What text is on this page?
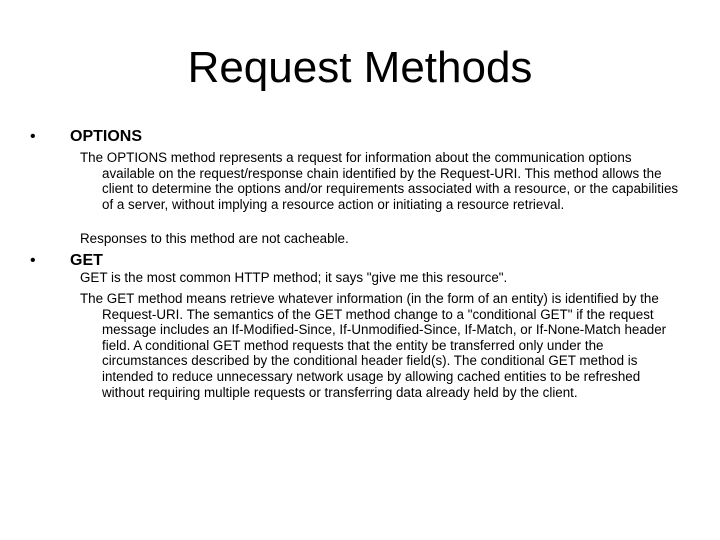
Request Methods
• OPTIONS

The OPTIONS method represents a request for information about the communication options available on the request/response chain identified by the Request-URI. This method allows the client to determine the options and/or requirements associated with a resource, or the capabilities of a server, without implying a resource action or initiating a resource retrieval.

Responses to this method are not cacheable.

• GET

GET is the most common HTTP method; it says "give me this resource".

The GET method means retrieve whatever information (in the form of an entity) is identified by the Request-URI. The semantics of the GET method change to a "conditional GET" if the request message includes an If-Modified-Since, If-Unmodified-Since, If-Match, or If-None-Match header field. A conditional GET method requests that the entity be transferred only under the circumstances described by the conditional header field(s). The conditional GET method is intended to reduce unnecessary network usage by allowing cached entities to be refreshed without requiring multiple requests or transferring data already held by the client.
